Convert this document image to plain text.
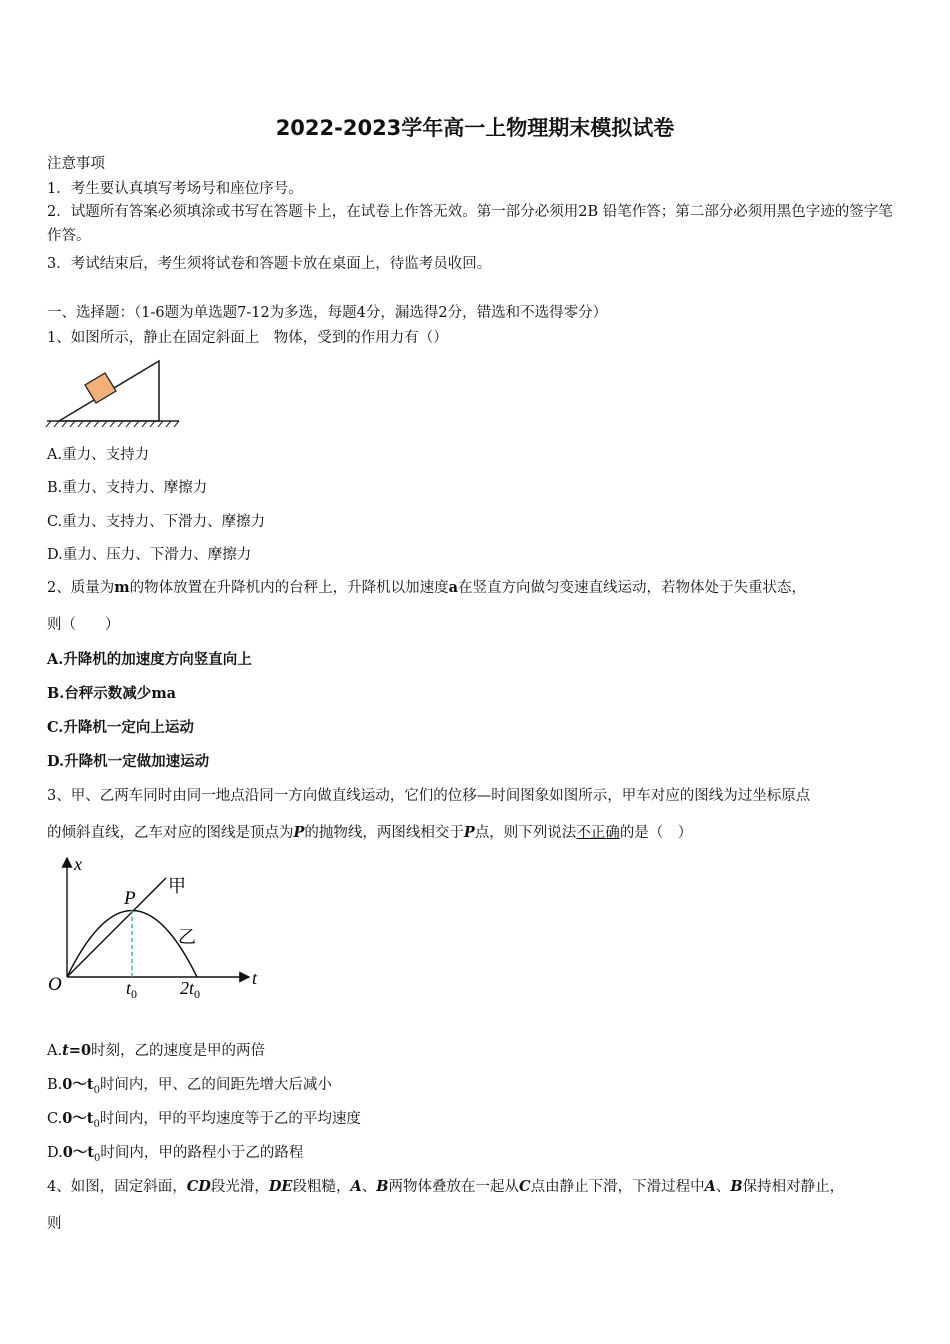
2022-2023学年高一上物理期末模拟试卷
注意事项
1．考生要认真填写考场号和座位序号。
2．试题所有答案必须填涂或书写在答题卡上，在试卷上作答无效。第一部分必须用2B 铅笔作答；第二部分必须用黑色字迹的签字笔作答。
3．考试结束后，考生须将试卷和答题卡放在桌面上，待监考员收回。
一、选择题：（1-6题为单选题7-12为多选，每题4分，漏选得2分，错选和不选得零分）
1、如图所示，静止在固定斜面上　物体，受到的作用力有（）
A.重力、支持力
B.重力、支持力、摩擦力
C.重力、支持力、下滑力、摩擦力
D.重力、压力、下滑力、摩擦力
2、质量为m的物体放置在升降机内的台秤上，升降机以加速度a在竖直方向做匀变速直线运动，若物体处于失重状态，
则（　　）
A.升降机的加速度方向竖直向上
B.台秤示数减少ma
C.升降机一定向上运动
D.升降机一定做加速运动
3、甲、乙两车同时由同一地点沿同一方向做直线运动，它们的位移—时间图象如图所示，甲车对应的图线为过坐标原点
的倾斜直线，乙车对应的图线是顶点为P的抛物线，两图线相交于P点，则下列说法不正确的是（　）
x
t
O
P
甲
乙
$t_0$ $2t_0$
A.t=0时刻，乙的速度是甲的两倍
$B.0\sim t_0$时间内，甲、乙的间距先增大后减小
$C.0\sim t_0$时间内，甲的平均速度等于乙的平均速度
$D.0\sim t_0$时间内，甲的路程小于乙的路程
4、如图，固定斜面，CD段光滑，DE段粗糙，A、B两物体叠放在一起从C点由静止下滑，下滑过程中A、B保持相对静止，
则
